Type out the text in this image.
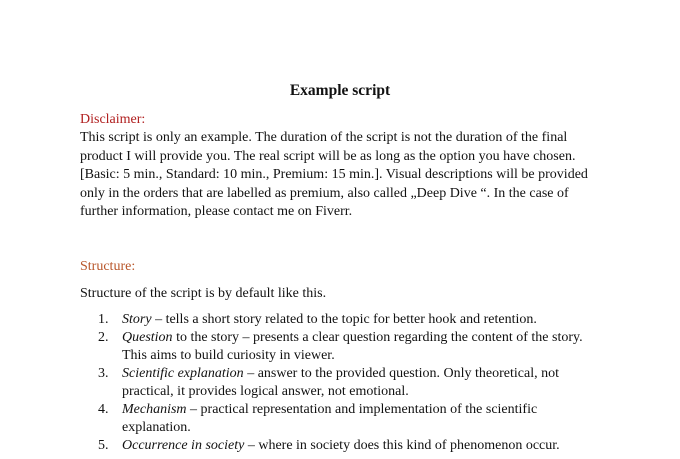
Example script
Disclaimer:
This script is only an example. The duration of the script is not the duration of the final
product I will provide you. The real script will be as long as the option you have chosen.
[Basic: 5 min., Standard: 10 min., Premium: 15 min.]. Visual descriptions will be provided
only in the orders that are labelled as premium, also called „Deep Dive “. In the case of
further information, please contact me on Fiverr.
Structure:
Structure of the script is by default like this.
1. Story – tells a short story related to the topic for better hook and retention.
2. Question to the story – presents a clear question regarding the content of the story.
This aims to build curiosity in viewer.
3. Scientific explanation – answer to the provided question. Only theoretical, not
practical, it provides logical answer, not emotional.
4. Mechanism – practical representation and implementation of the scientific
explanation.
5. Occurrence in society – where in society does this kind of phenomenon occur.
